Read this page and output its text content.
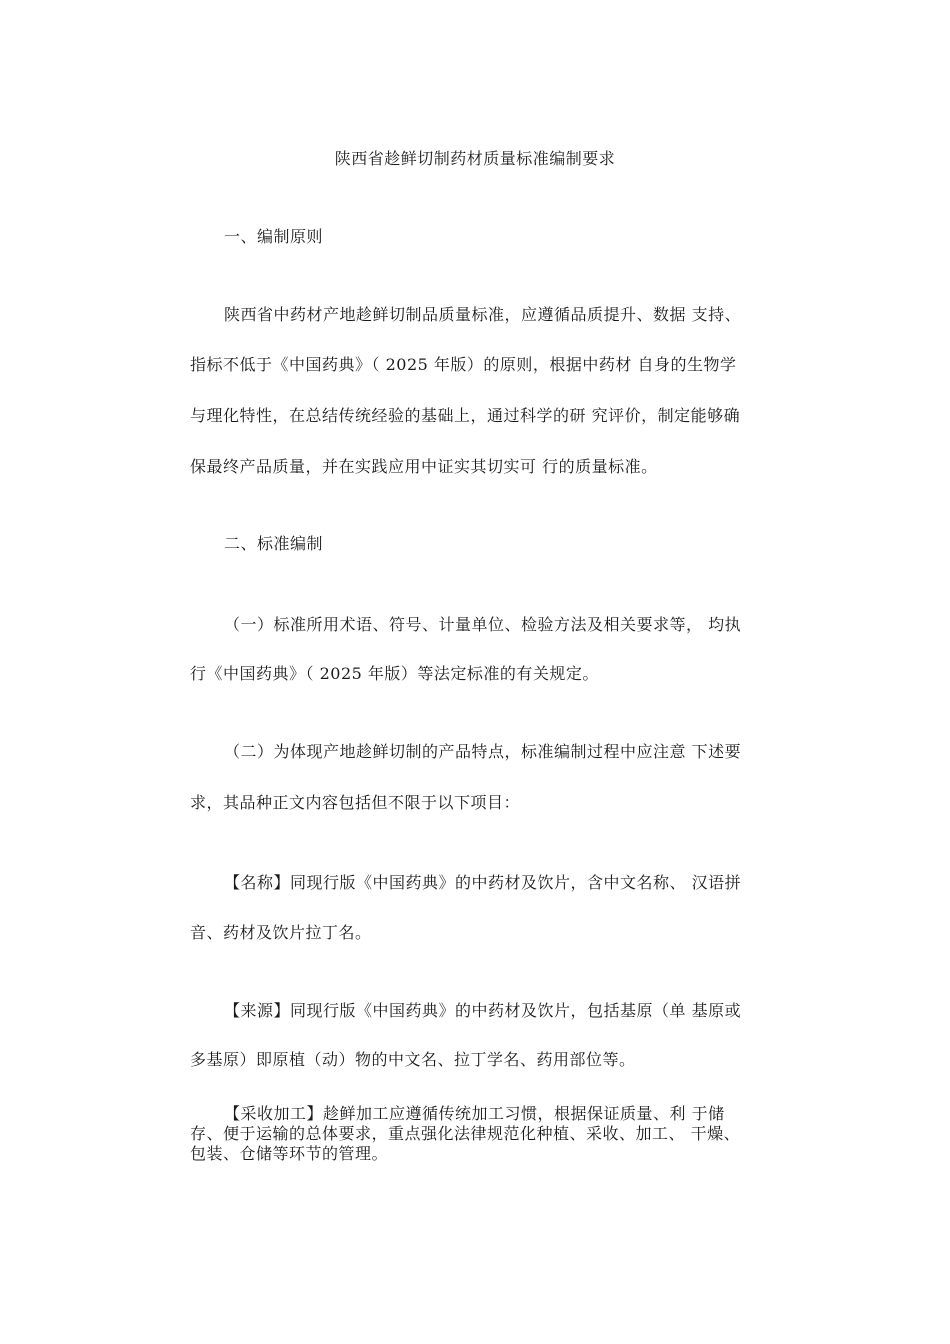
陕西省趁鲜切制药材质量标准编制要求
一、编制原则
陕西省中药材产地趁鲜切制品质量标准，应遵循品质提升、数据 支持、
指标不低于《中国药典》（ 2025 年版）的原则，根据中药材 自身的生物学
与理化特性，在总结传统经验的基础上，通过科学的研 究评价，制定能够确
保最终产品质量，并在实践应用中证实其切实可 行的质量标准。
二、标准编制
（一）标准所用术语、符号、计量单位、检验方法及相关要求等， 均执
行《中国药典》（ 2025 年版）等法定标准的有关规定。
（二）为体现产地趁鲜切制的产品特点，标准编制过程中应注意 下述要
求，其品种正文内容包括但不限于以下项目：
【名称】同现行版《中国药典》的中药材及饮片，含中文名称、 汉语拼
音、药材及饮片拉丁名。
【来源】同现行版《中国药典》的中药材及饮片，包括基原（单 基原或
多基原）即原植（动）物的中文名、拉丁学名、药用部位等。
【采收加工】趁鲜加工应遵循传统加工习惯，根据保证质量、利 于储
存、便于运输的总体要求，重点强化法律规范化种植、采收、加工、 干燥、
包装、仓储等环节的管理。
